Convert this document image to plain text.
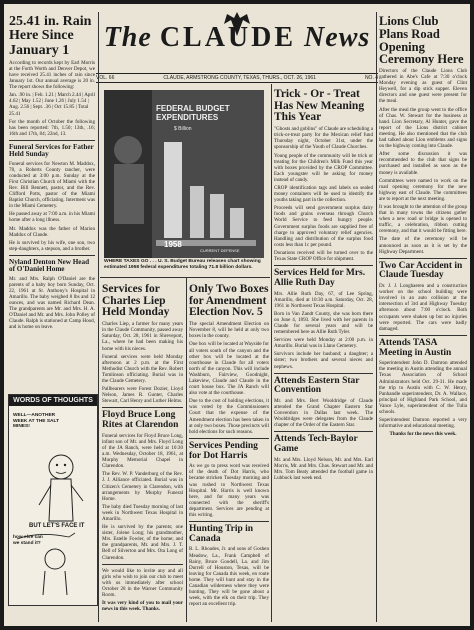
The CLAUDE News
VOL. 66	CLAUDE, ARMSTRONG COUNTY, TEXAS, THURS., OCT. 26, 1961	NO. 4
25.41 in. Rain Here Since January 1

According to records kept by Earl Morris at the Forth Worth and Denver Depot, we have received 25.41 inches of rain since January 1st. Our annual average is 20 in. The report shows the following:

Jan. .90 in. | Feb. 1.21 | March 2.44 | April 4.62 | May 1.52 | June 1.26 | July 1.54 | Aug. 2.56 | Sept. .36 | Oct 15.85 | Total 25.41

For the month of October the following has been reported: 7th, 1.50; 13th, .16; 16th and 17th, 84; 22nd, 13.

Funeral Services for Father Held Sunday

Funeral services for Newton M. Maddox, 78, a Roberts County rancher, were conducted at 3:00 p.m. Sunday at the First Christian Church of Miami with the Rev. Bill Bennett, pastor, and the Rev. Clifford Potts, pastor of the Miami Baptist Church, officiating. Interment was in the Miami Cemetery.

He passed away at 7:00 a.m. in his Miami home after a long illness.

Mr. Maddox was the father of Marion Maddox of Claude.

He is survived by his wife, one son, two step-daughters, a stepson, and a brother.

Nyland Denton New Head of O'Daniel Home

Mr. and Mrs. Ralph O'Daniel are the parents of a baby boy born Sunday, Oct. 22, 1961 at St. Anthony's Hospital in Amarillo. The baby weighed 8 lbs and 12 ounces, and was named Richard Dean. The grandparents are Mr. and Mrs. H. A. O'Daniel and Mr. and Mrs. John Polley of Claude. Ralph is stationed at Camp Hood, and is home on leave.

WORDS OF THOUGHTS
WELL—ANOTHER WEEK AT THE SALT MINES!
BUT LET'S FACE IT
how else can we stand it?
FEDERAL BUDGET EXPENDITURES
$ Billion
1958
CURRENT DEFENSE
WHERE TAXES GO . . . U. S. Budget Bureau releases chart showing estimated 1958 federal expenditures totaling 71.8 billion dollars.
Services for Charles Liep Held Monday

Charles Liep, a farmer for many years in the Claude Community, passed away Saturday, Oct. 28, 1961 in Shreveport, La., where he had been making his home with his nieces.

Funeral services were held Monday afternoon at 2 p.m. at the First Methodist Church with the Rev. Robert Tomlinson officiating. Burial was in the Claude Cemetery.

Pallbearers were Forest Dozier, Lloyd Nelson, James R. Gunter, Charles Stewart, Carl Henry and Luther Helms.

Floyd Bruce Long Rites at Clarendon

Funeral services for Floyd Bruce Long, infant son of Mr. and Mrs. Floyd Long of the JA Ranch, were held at 10:30 a.m. Wednesday, October 18, 1961, at Murphy Memorial Chapel in Clarendon.

The Rev. W. P. Vanderburg of the Rev. J. J. Alliance officiated. Burial was in Citizen's Cemetery in Clarendon, with arrangements by Murphy Funeral Home.

The baby died Tuesday morning of last week in Northwest Texas Hospital in Amarillo.

He is survived by the parents; one sister, Jolene Long; his grandmother, Mrs. Estelle Fowler, of the home; and the grandparents, Mr. and Mrs. J. T. Bell of Silverton and Mrs. Ota Long of Clarendon.

We would like to invite any and all girls who wish to join our club to meet with us immediately after school October 28 in the Warner Community Room.

It was very kind of you to mail your news in this week. Thanks.

Only Two Boxes for Amendment Election Nov. 5

The special Amendment Election on November 8, will be held at only two boxes in the county.

One box will be located at Wayside for all voters south of the canyon and the other box will be located at the courthouse in Claude for all voters north of the canyon. This will include Washburn, Fairview, Goodnight, Lakeview, Claude and Claude in the court house box. The JA Ranch will also vote at the courthouse.

Due to the cost of holding elections, it was voted by the Commissioners Court that the expense of the Amendment election has been taken in at only two boxes. Those precincts will hold elections for such reasons.

Services Pending for Dot Harris

As we go to press word was received of the death of Dot Harris, who became stricken Tuesday morning and was rushed to Northwest Texas Hospital. Mr. Harris is well known here, and for many years was connected with the sheriff's department. Services are pending at this writing.

Hunting Trip in Canada

R. L. Rhoades, Jr. and sons of Goshen Meadow, La., Frank Campbell of Rainy, Bruce Goodell, La. and Jim Durrell of Houston, Texas, will be leaving for Canada this week, en route home. They will hunt and stay in the Canadian wilderness where they were hunting. They will be gone about a week, with the elk on their trip. They report an excellent trip.

Trick - Or - Treat Has New Meaning This Year

"Ghosts and goblins" of Claude are scheduling a trick-or-treat party for the Mexican relief fund Thursday night, October 31st, under the sponsorship of the Youth of Claude Churches.

Young people of the community will be trick or treating for the Children's Milk Fund this year with boxes provided by the CROP Committee. Each youngster will be asking for money instead of candy.

CROP identification tags and labels on sealed money containers will be used to identify the youths taking part in the collection.

Proceeds will send government surplus dairy foods and grains overseas through Church World Service to feed hungry people. Government surplus foods are supplied free of charge to approved voluntary relief agencies. Handling and distribution of the surplus food costs less than 1c per pound.

Donations received will be turned over to the Texas State CROP Office for shipment.

Services Held for Mrs. Allie Ruth Day

Mrs. Allie Ruth Day, 67, of Lee Spring, Amarillo, died at 10:30 a.m. Saturday, Oct. 28, 1961 in Northwest Texas Hospital.

Born in Van Zandt County, she was born there on June 4, 1893. She lived with her parents in Claude for several years and will be remembered here as Allie Ruth Tyler.

Services were held Monday at 2:00 p.m. in Amarillo. Burial was in Llano Cemetery.

Survivors include her husband; a daughter; a sister; two brothers and several nieces and nephews.

Attends Eastern Star Convention

Mr. and Mrs. Bert Wooldridge of Claude attended the Grand Chapter Eastern Star Convention in Dallas last week. The Wooldridges were delegates from the Claude chapter of the Order of the Eastern Star.

Attends Tech-Baylor Game

Mr. and Mrs. Lloyd Nelson, Mr. and Mrs. Earl Morris, Mr. and Mrs. Chas. Stewart and Mr. and Mrs. Tom Beaty attended the football game in Lubbock last week end.

Lions Club Plans Road Opening Ceremony Here

Directors of the Claude Lions Club gathered in Abe's Cafe at 7:30 o'clock Monday evening as guest of Clint Heywell, for a dip stick supper. Eleven directors and one guest were present for the meal.

After the meal the group went to the office of Chas. W. Stewart for the business at hand. Lion Secretary, Al Hunter, gave the report of the Lions district cabinet meeting. He also mentioned that the club had talked about Lion emblems and signs on the highway coming into Claude.

After some discussion it was recommended to the club that signs be purchased and installed as soon as the money is available.

Committees were named to work on the road opening ceremony for the new highway east of Claude. The committees are to report at the next meeting.

It was brought to the attention of the group that in many towns the citizens gather when a new road or bridge is opened to traffic, a celebration, ribbon cutting ceremony, and that it would be fitting here.

The date of the ceremony will be announced as soon as it is set by the Highway Department.

Two Car Accident in Claude Tuesday

Dr. J. J. Longhaeren and a construction worker on the school building were involved in an auto collision at the intersection of 3rd and Highway Tuesday afternoon about 7:00 o'clock. Both occupants were shaken up but no injuries were reported. The cars were badly damaged.

Attends TASA Meeting in Austin

Superintendent John D. Damron attended the meeting in Austin attending the annual Texas Association of School Administrators held Oct. 29-31. He made the trip to Austin with C. W. Henry, Panhandle superintendent, Dr. A. Wallace, principal of Highland Park School, and Vance Lyle, superintendent of the Tulia schools.

Superintendent Damron reported a very informative and educational meeting.

Thanks for the news this week.
